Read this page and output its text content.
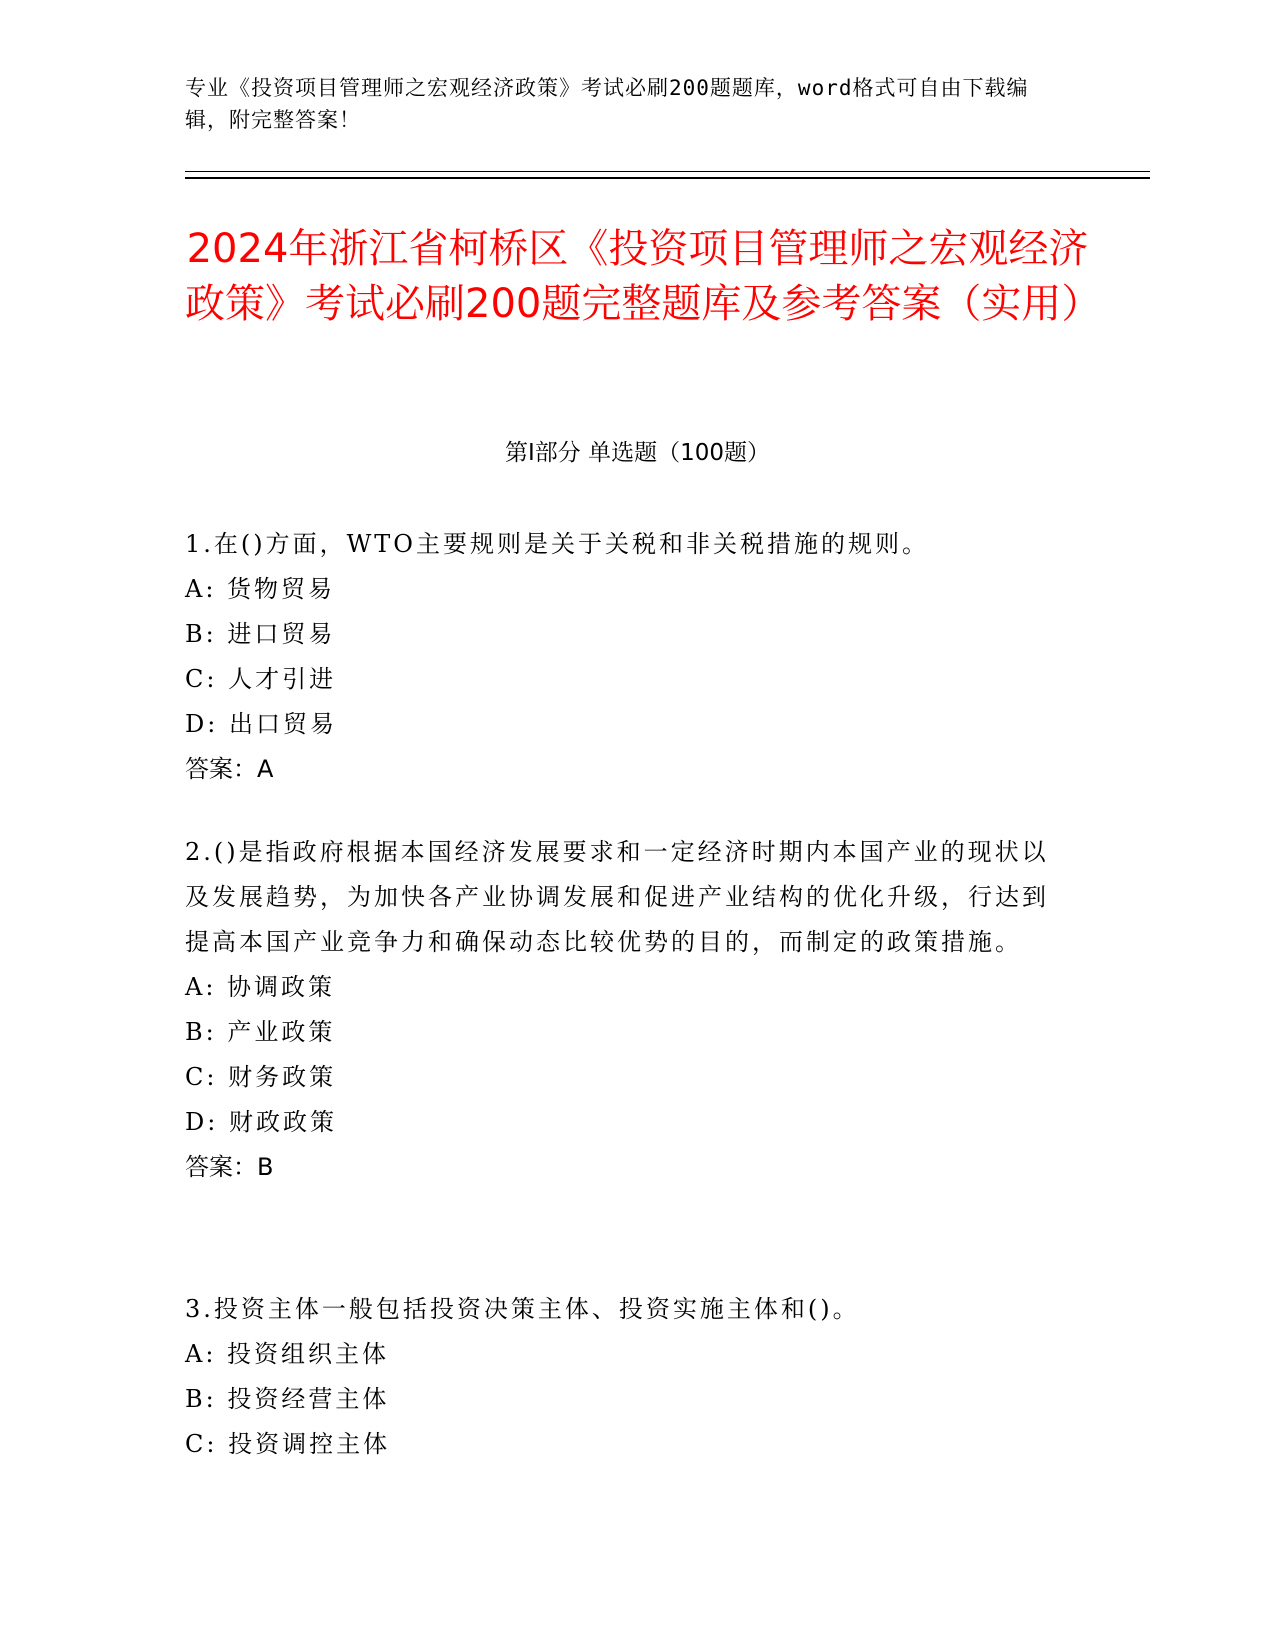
专业《投资项目管理师之宏观经济政策》考试必刷200题题库，word格式可自由下载编辑，附完整答案！
2024年浙江省柯桥区《投资项目管理师之宏观经济政策》考试必刷200题完整题库及参考答案（实用）
第I部分 单选题（100题）

1.在()方面，WTO主要规则是关于关税和非关税措施的规则。

A: 货物贸易

B: 进口贸易

C: 人才引进

D: 出口贸易

答案：A

2.()是指政府根据本国经济发展要求和一定经济时期内本国产业的现状以及发展趋势，为加快各产业协调发展和促进产业结构的优化升级，行达到提高本国产业竞争力和确保动态比较优势的目的，而制定的政策措施。

A: 协调政策

B: 产业政策

C: 财务政策

D: 财政政策

答案：B

3.投资主体一般包括投资决策主体、投资实施主体和()。

A: 投资组织主体

B: 投资经营主体

C: 投资调控主体
